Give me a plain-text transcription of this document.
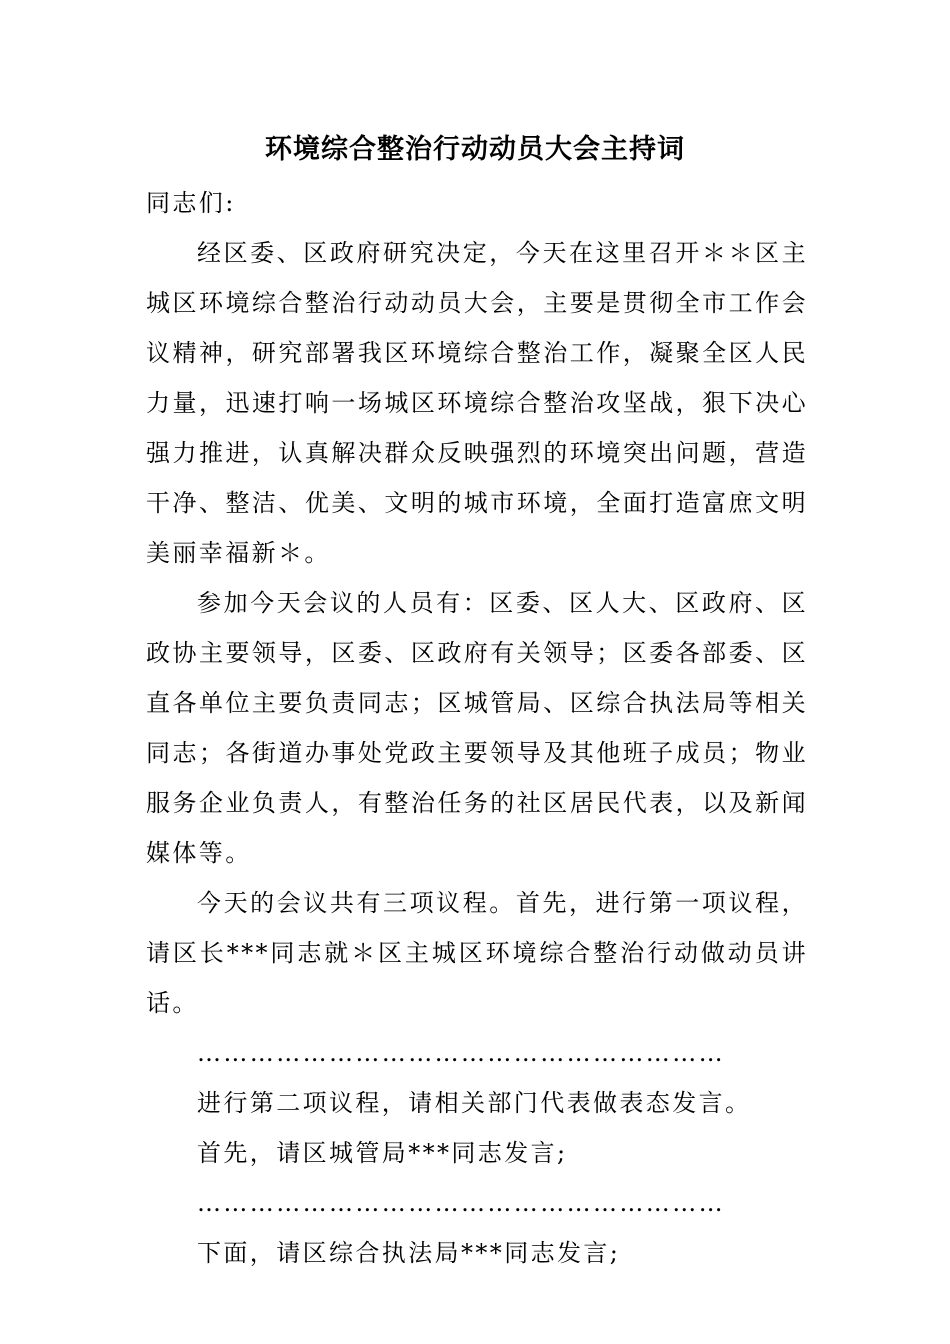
环境综合整治行动动员大会主持词

同志们:

经区委、区政府研究决定，今天在这里召开＊＊区主城区环境综合整治行动动员大会，主要是贯彻全市工作会议精神，研究部署我区环境综合整治工作，凝聚全区人民力量，迅速打响一场城区环境综合整治攻坚战，狠下决心强力推进，认真解决群众反映强烈的环境突出问题，营造干净、整洁、优美、文明的城市环境，全面打造富庶文明美丽幸福新＊。

参加今天会议的人员有：区委、区人大、区政府、区政协主要领导，区委、区政府有关领导；区委各部委、区直各单位主要负责同志；区城管局、区综合执法局等相关同志；各街道办事处党政主要领导及其他班子成员；物业服务企业负责人，有整治任务的社区居民代表，以及新闻媒体等。

今天的会议共有三项议程。首先，进行第一项议程，请区长***同志就＊区主城区环境综合整治行动做动员讲话。

……………………………………………………

进行第二项议程，请相关部门代表做表态发言。

首先，请区城管局***同志发言;

……………………………………………………

下面，请区综合执法局***同志发言;
